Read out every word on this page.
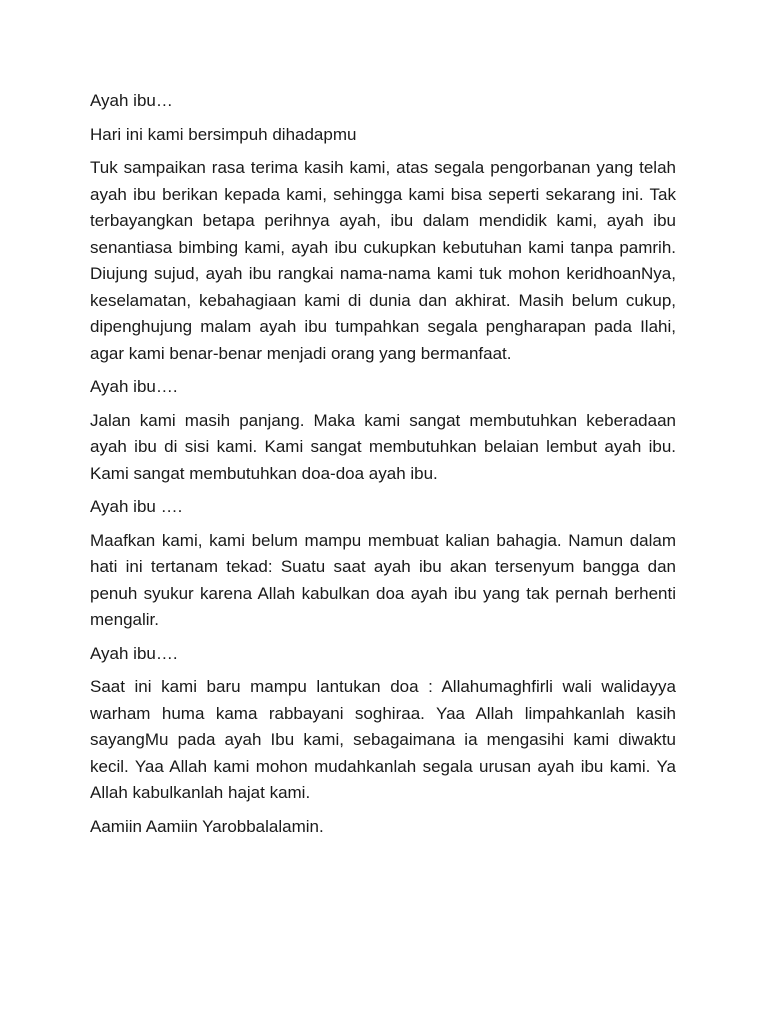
Ayah ibu…

Hari ini kami bersimpuh dihadapmu

Tuk sampaikan rasa terima kasih kami, atas segala pengorbanan yang telah ayah ibu berikan kepada kami, sehingga kami bisa seperti sekarang ini. Tak terbayangkan betapa perihnya ayah, ibu dalam mendidik kami, ayah ibu senantiasa bimbing kami, ayah ibu cukupkan kebutuhan kami tanpa pamrih. Diujung sujud, ayah ibu rangkai nama-nama kami tuk mohon keridhoanNya, keselamatan, kebahagiaan kami di dunia dan akhirat. Masih belum cukup, dipenghujung malam ayah ibu tumpahkan segala pengharapan pada Ilahi, agar kami benar-benar menjadi orang yang bermanfaat.

Ayah ibu….

Jalan kami masih panjang. Maka kami sangat membutuhkan keberadaan ayah ibu di sisi kami. Kami sangat membutuhkan belaian lembut ayah ibu. Kami sangat membutuhkan doa-doa ayah ibu.

Ayah ibu ….

Maafkan kami, kami belum mampu membuat kalian bahagia. Namun dalam hati ini tertanam tekad: Suatu saat ayah ibu akan tersenyum bangga dan penuh syukur karena Allah kabulkan doa ayah ibu yang tak pernah berhenti mengalir.

Ayah ibu….

Saat ini kami baru mampu lantukan doa : Allahumaghfirli wali walidayya warham huma kama rabbayani soghiraa. Yaa Allah limpahkanlah kasih sayangMu pada ayah Ibu kami, sebagaimana ia mengasihi kami diwaktu kecil. Yaa Allah kami mohon mudahkanlah segala urusan ayah ibu kami. Ya Allah kabulkanlah hajat kami.

Aamiin Aamiin Yarobbalalamin.
